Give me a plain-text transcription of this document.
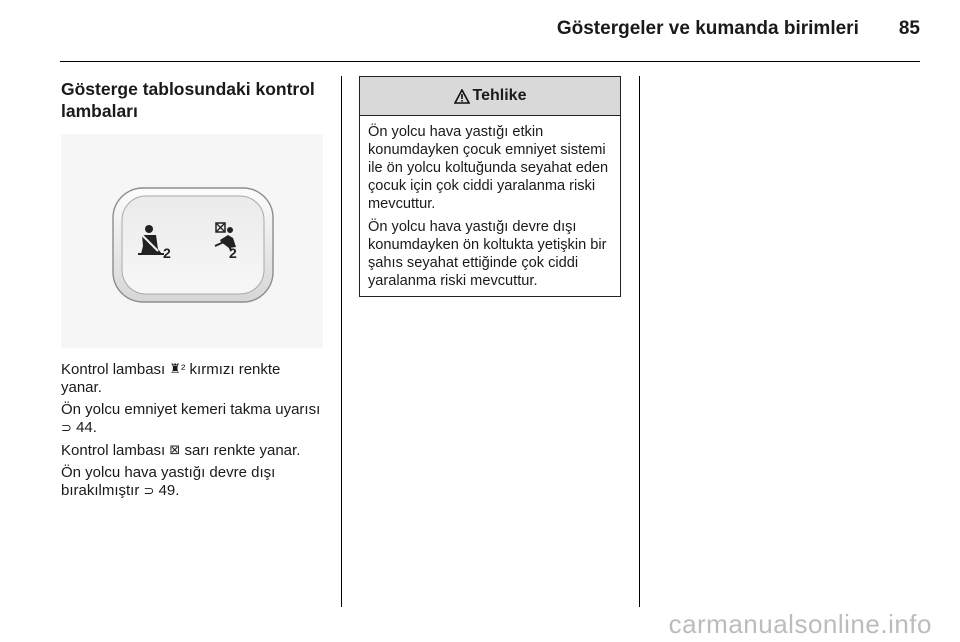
Göstergeler ve kumanda birimleri 85
Gösterge tablosundaki kontrol lambaları
2	2

Kontrol lambası ♜² kırmızı renkte yanar.

Ön yolcu emniyet kemeri takma uyarısı ⊃ 44.

Kontrol lambası ⊠ sarı renkte yanar.

Ön yolcu hava yastığı devre dışı bırakılmıştır ⊃ 49.

Tehlike

Ön yolcu hava yastığı etkin konumdayken çocuk emniyet sistemi ile ön yolcu koltuğunda seyahat eden çocuk için çok ciddi yaralanma riski mevcuttur.

Ön yolcu hava yastığı devre dışı konumdayken ön koltukta yetişkin bir şahıs seyahat ettiğinde çok ciddi yaralanma riski mevcuttur.

carmanualsonline.info
